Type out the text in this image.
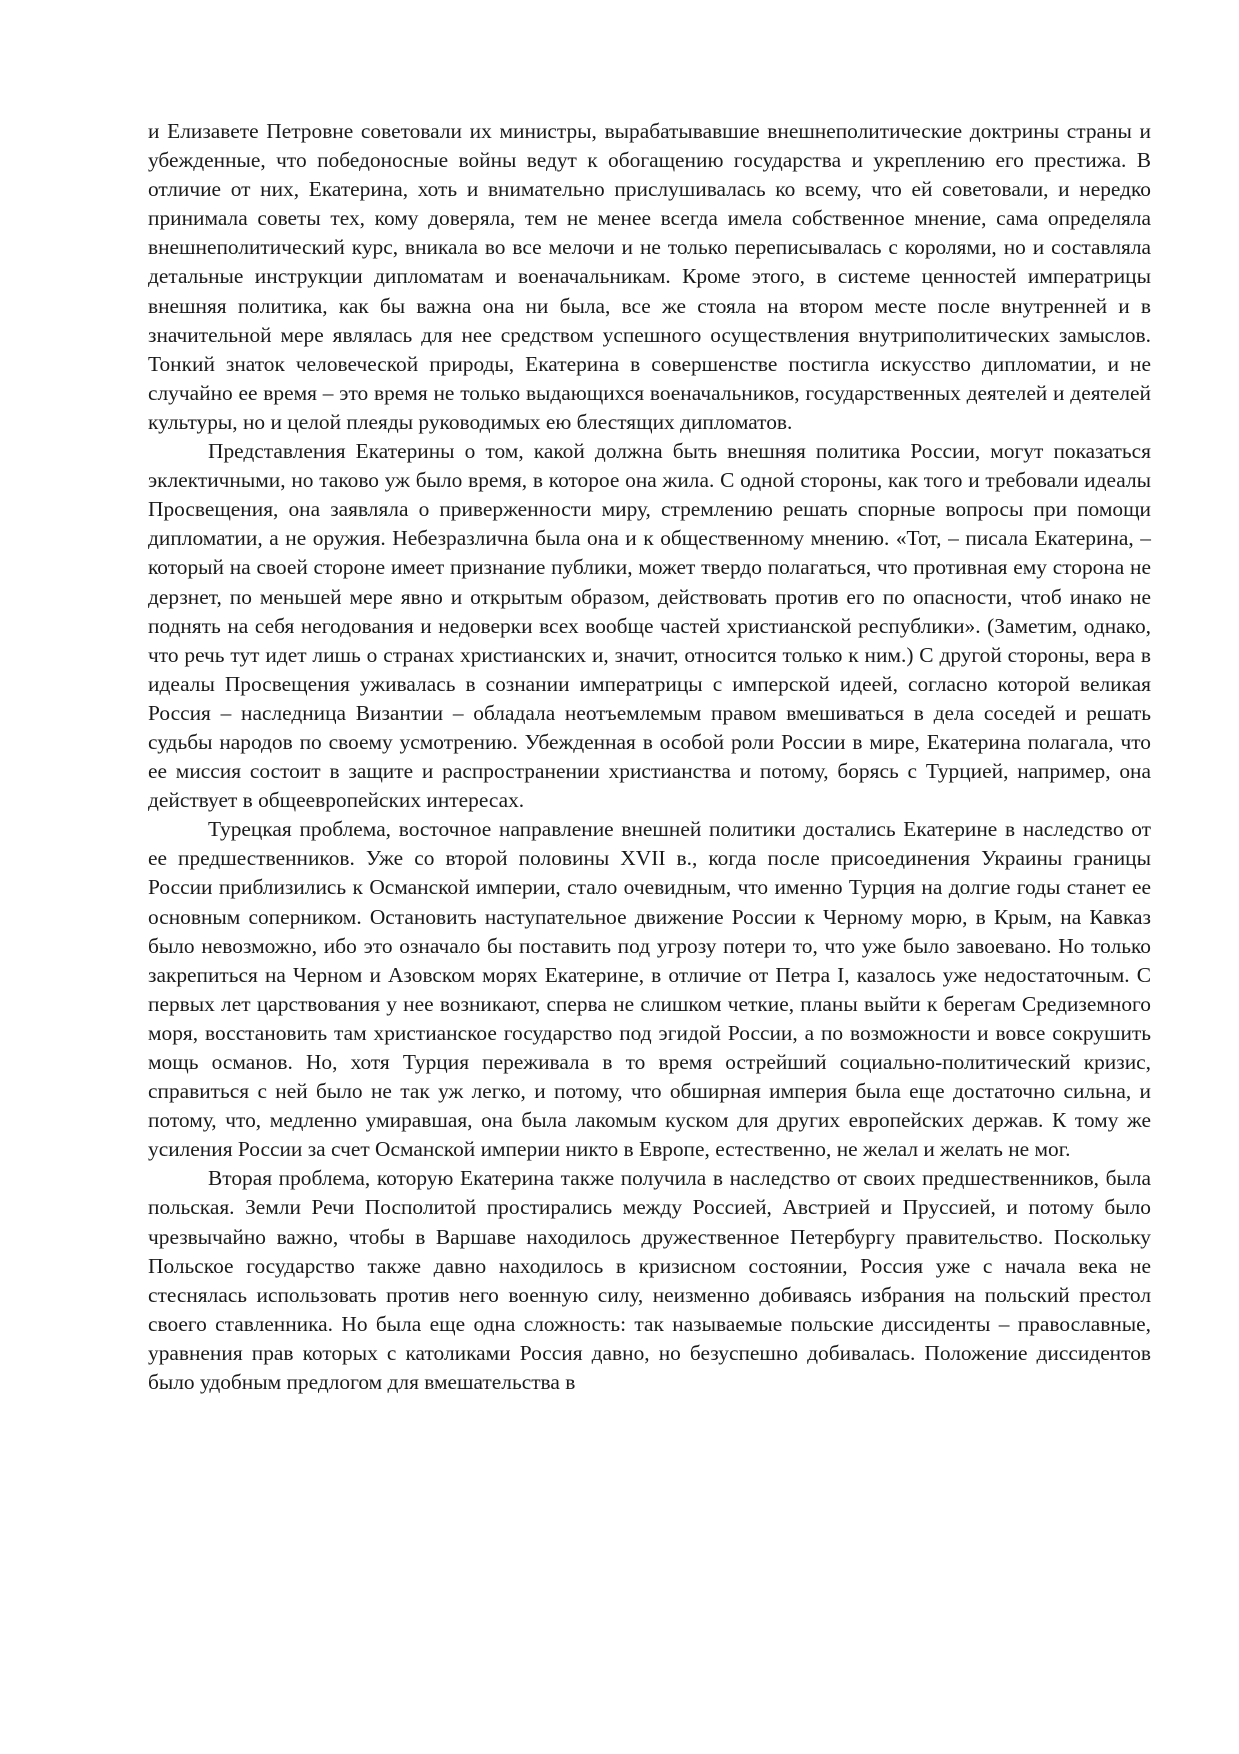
и Елизавете Петровне советовали их министры, вырабатывавшие внешнеполитические доктрины страны и убежденные, что победоносные войны ведут к обогащению государства и укреплению его престижа. В отличие от них, Екатерина, хоть и внимательно прислушивалась ко всему, что ей советовали, и нередко принимала советы тех, кому доверяла, тем не менее всегда имела собственное мнение, сама определяла внешнеполитический курс, вникала во все мелочи и не только переписывалась с королями, но и составляла детальные инструкции дипломатам и военачальникам. Кроме этого, в системе ценностей императрицы внешняя политика, как бы важна она ни была, все же стояла на втором месте после внутренней и в значительной мере являлась для нее средством успешного осуществления внутриполитических замыслов. Тонкий знаток человеческой природы, Екатерина в совершенстве постигла искусство дипломатии, и не случайно ее время – это время не только выдающихся военачальников, государственных деятелей и деятелей культуры, но и целой плеяды руководимых ею блестящих дипломатов.

Представления Екатерины о том, какой должна быть внешняя политика России, могут показаться эклектичными, но таково уж было время, в которое она жила. С одной стороны, как того и требовали идеалы Просвещения, она заявляла о приверженности миру, стремлению решать спорные вопросы при помощи дипломатии, а не оружия. Небезразлична была она и к общественному мнению. «Тот, – писала Екатерина, – который на своей стороне имеет признание публики, может твердо полагаться, что противная ему сторона не дерзнет, по меньшей мере явно и открытым образом, действовать против его по опасности, чтоб инако не поднять на себя негодования и недоверки всех вообще частей христианской республики». (Заметим, однако, что речь тут идет лишь о странах христианских и, значит, относится только к ним.) С другой стороны, вера в идеалы Просвещения уживалась в сознании императрицы с имперской идеей, согласно которой великая Россия – наследница Византии – обладала неотъемлемым правом вмешиваться в дела соседей и решать судьбы народов по своему усмотрению. Убежденная в особой роли России в мире, Екатерина полагала, что ее миссия состоит в защите и распространении христианства и потому, борясь с Турцией, например, она действует в общеевропейских интересах.

Турецкая проблема, восточное направление внешней политики достались Екатерине в наследство от ее предшественников. Уже со второй половины XVII в., когда после присоединения Украины границы России приблизились к Османской империи, стало очевидным, что именно Турция на долгие годы станет ее основным соперником. Остановить наступательное движение России к Черному морю, в Крым, на Кавказ было невозможно, ибо это означало бы поставить под угрозу потери то, что уже было завоевано. Но только закрепиться на Черном и Азовском морях Екатерине, в отличие от Петра I, казалось уже недостаточным. С первых лет царствования у нее возникают, сперва не слишком четкие, планы выйти к берегам Средиземного моря, восстановить там христианское государство под эгидой России, а по возможности и вовсе сокрушить мощь османов. Но, хотя Турция переживала в то время острейший социально-политический кризис, справиться с ней было не так уж легко, и потому, что обширная империя была еще достаточно сильна, и потому, что, медленно умиравшая, она была лакомым куском для других европейских держав. К тому же усиления России за счет Османской империи никто в Европе, естественно, не желал и желать не мог.

Вторая проблема, которую Екатерина также получила в наследство от своих предшественников, была польская. Земли Речи Посполитой простирались между Россией, Австрией и Пруссией, и потому было чрезвычайно важно, чтобы в Варшаве находилось дружественное Петербургу правительство. Поскольку Польское государство также давно находилось в кризисном состоянии, Россия уже с начала века не стеснялась использовать против него военную силу, неизменно добиваясь избрания на польский престол своего ставленника. Но была еще одна сложность: так называемые польские диссиденты – православные, уравнения прав которых с католиками Россия давно, но безуспешно добивалась. Положение диссидентов было удобным предлогом для вмешательства в
